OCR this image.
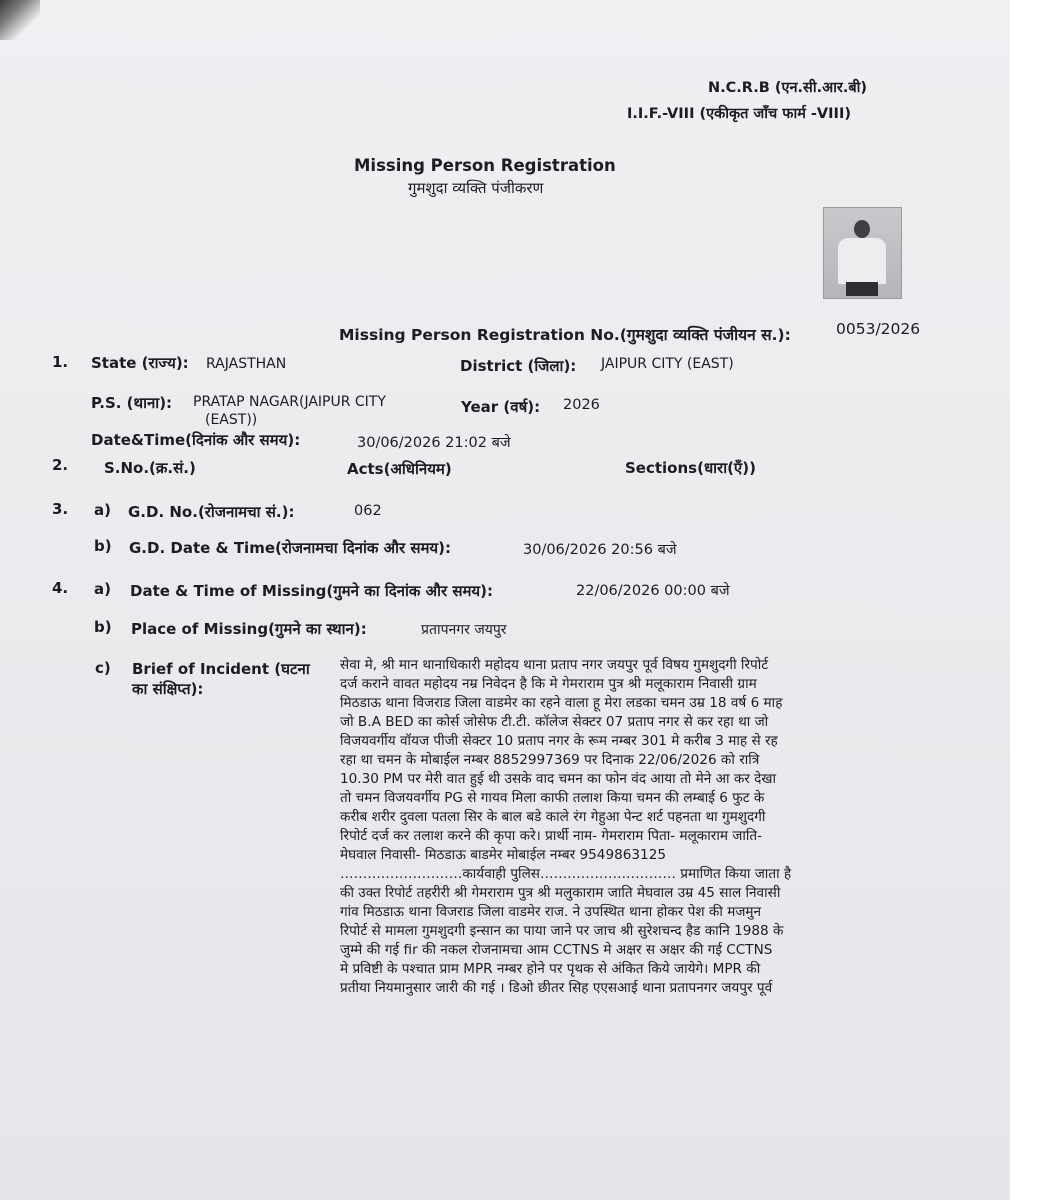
N.C.R.B (एन.सी.आर.बी)
I.I.F.-VIII (एकीकृत जाँच फार्म -VIII)
Missing Person Registration
गुमशुदा व्यक्ति पंजीकरण
Missing Person Registration No.(गुमशुदा व्यक्ति पंजीयन स.):	0053/2026
1. State (राज्य): RAJASTHAN	District (जिला): JAIPUR CITY (EAST)
P.S. (थाना): PRATAP NAGAR(JAIPUR CITY
(EAST))
Year (वर्ष): 2026
Date&Time(दिनांक और समय):	30/06/2026 21:02 बजे
2. S.No.(क्र.सं.)	Acts(अधिनियम)	Sections(धारा(एँ))
3. a) G.D. No.(रोजनामचा सं.):	062
b) G.D. Date & Time(रोजनामचा दिनांक और समय):	30/06/2026 20:56 बजे
4. a) Date & Time of Missing(गुमने का दिनांक और समय):	22/06/2026 00:00 बजे
b) Place of Missing(गुमने का स्थान):	प्रतापनगर जयपुर
c) Brief of Incident (घटना
का संक्षिप्त):
सेवा मे, श्री मान थानाधिकारी महोदय थाना प्रताप नगर जयपुर पूर्व विषय गुमशुदगी रिपोर्ट
दर्ज कराने वावत महोदय नम्र निवेदन है कि मे गेमराराम पुत्र श्री मलूकाराम निवासी ग्राम
मिठडाऊ थाना विजराड जिला वाडमेर का रहने वाला हू मेरा लडका चमन उम्र 18 वर्ष 6 माह
जो B.A BED का कोर्स जोसेफ टी.टी. कॉलेज सेक्टर 07 प्रताप नगर से कर रहा था जो
विजयवर्गीय वॉयज पीजी सेक्टर 10 प्रताप नगर के रूम नम्बर 301 मे करीब 3 माह से रह
रहा था चमन के मोबाईल नम्बर 8852997369 पर दिनाक 22/06/2026 को रात्रि
10.30 PM पर मेरी वात हुई थी उसके वाद चमन का फोन वंद आया तो मेने आ कर देखा
तो चमन विजयवर्गीय PG से गायव मिला काफी तलाश किया चमन की लम्बाई 6 फुट के
करीब शरीर दुवला पतला सिर के बाल बडे काले रंग गेहुआ पेन्ट शर्ट पहनता था गुमशुदगी
रिपोर्ट दर्ज कर तलाश करने की कृपा करे। प्रार्थी नाम- गेमराराम पिता- मलूकाराम जाति-
मेघवाल निवासी- मिठडाऊ बाडमेर मोबाईल नम्बर 9549863125
………………………कार्यवाही पुलिस………………………… प्रमाणित किया जाता है
की उक्त रिपोर्ट तहरीरी श्री गेमराराम पुत्र श्री मलुकाराम जाति मेघवाल उम्र 45 साल निवासी
गांव मिठडाऊ थाना विजराड जिला वाडमेर राज. ने उपस्थित थाना होकर पेश की मजमुन
रिपोर्ट से मामला गुमशुदगी इन्सान का पाया जाने पर जाच श्री सुरेशचन्द हैड कानि 1988 के
जुम्मे की गई fir की नकल रोजनामचा आम CCTNS मे अक्षर स अक्षर की गई CCTNS
मे प्रविष्टी के पश्चात प्राम MPR नम्बर होने पर पृथक से अंकित किये जायेगे। MPR की
प्रतीया नियमानुसार जारी की गई । डिओ छीतर सिह एएसआई थाना प्रतापनगर जयपुर पूर्व
